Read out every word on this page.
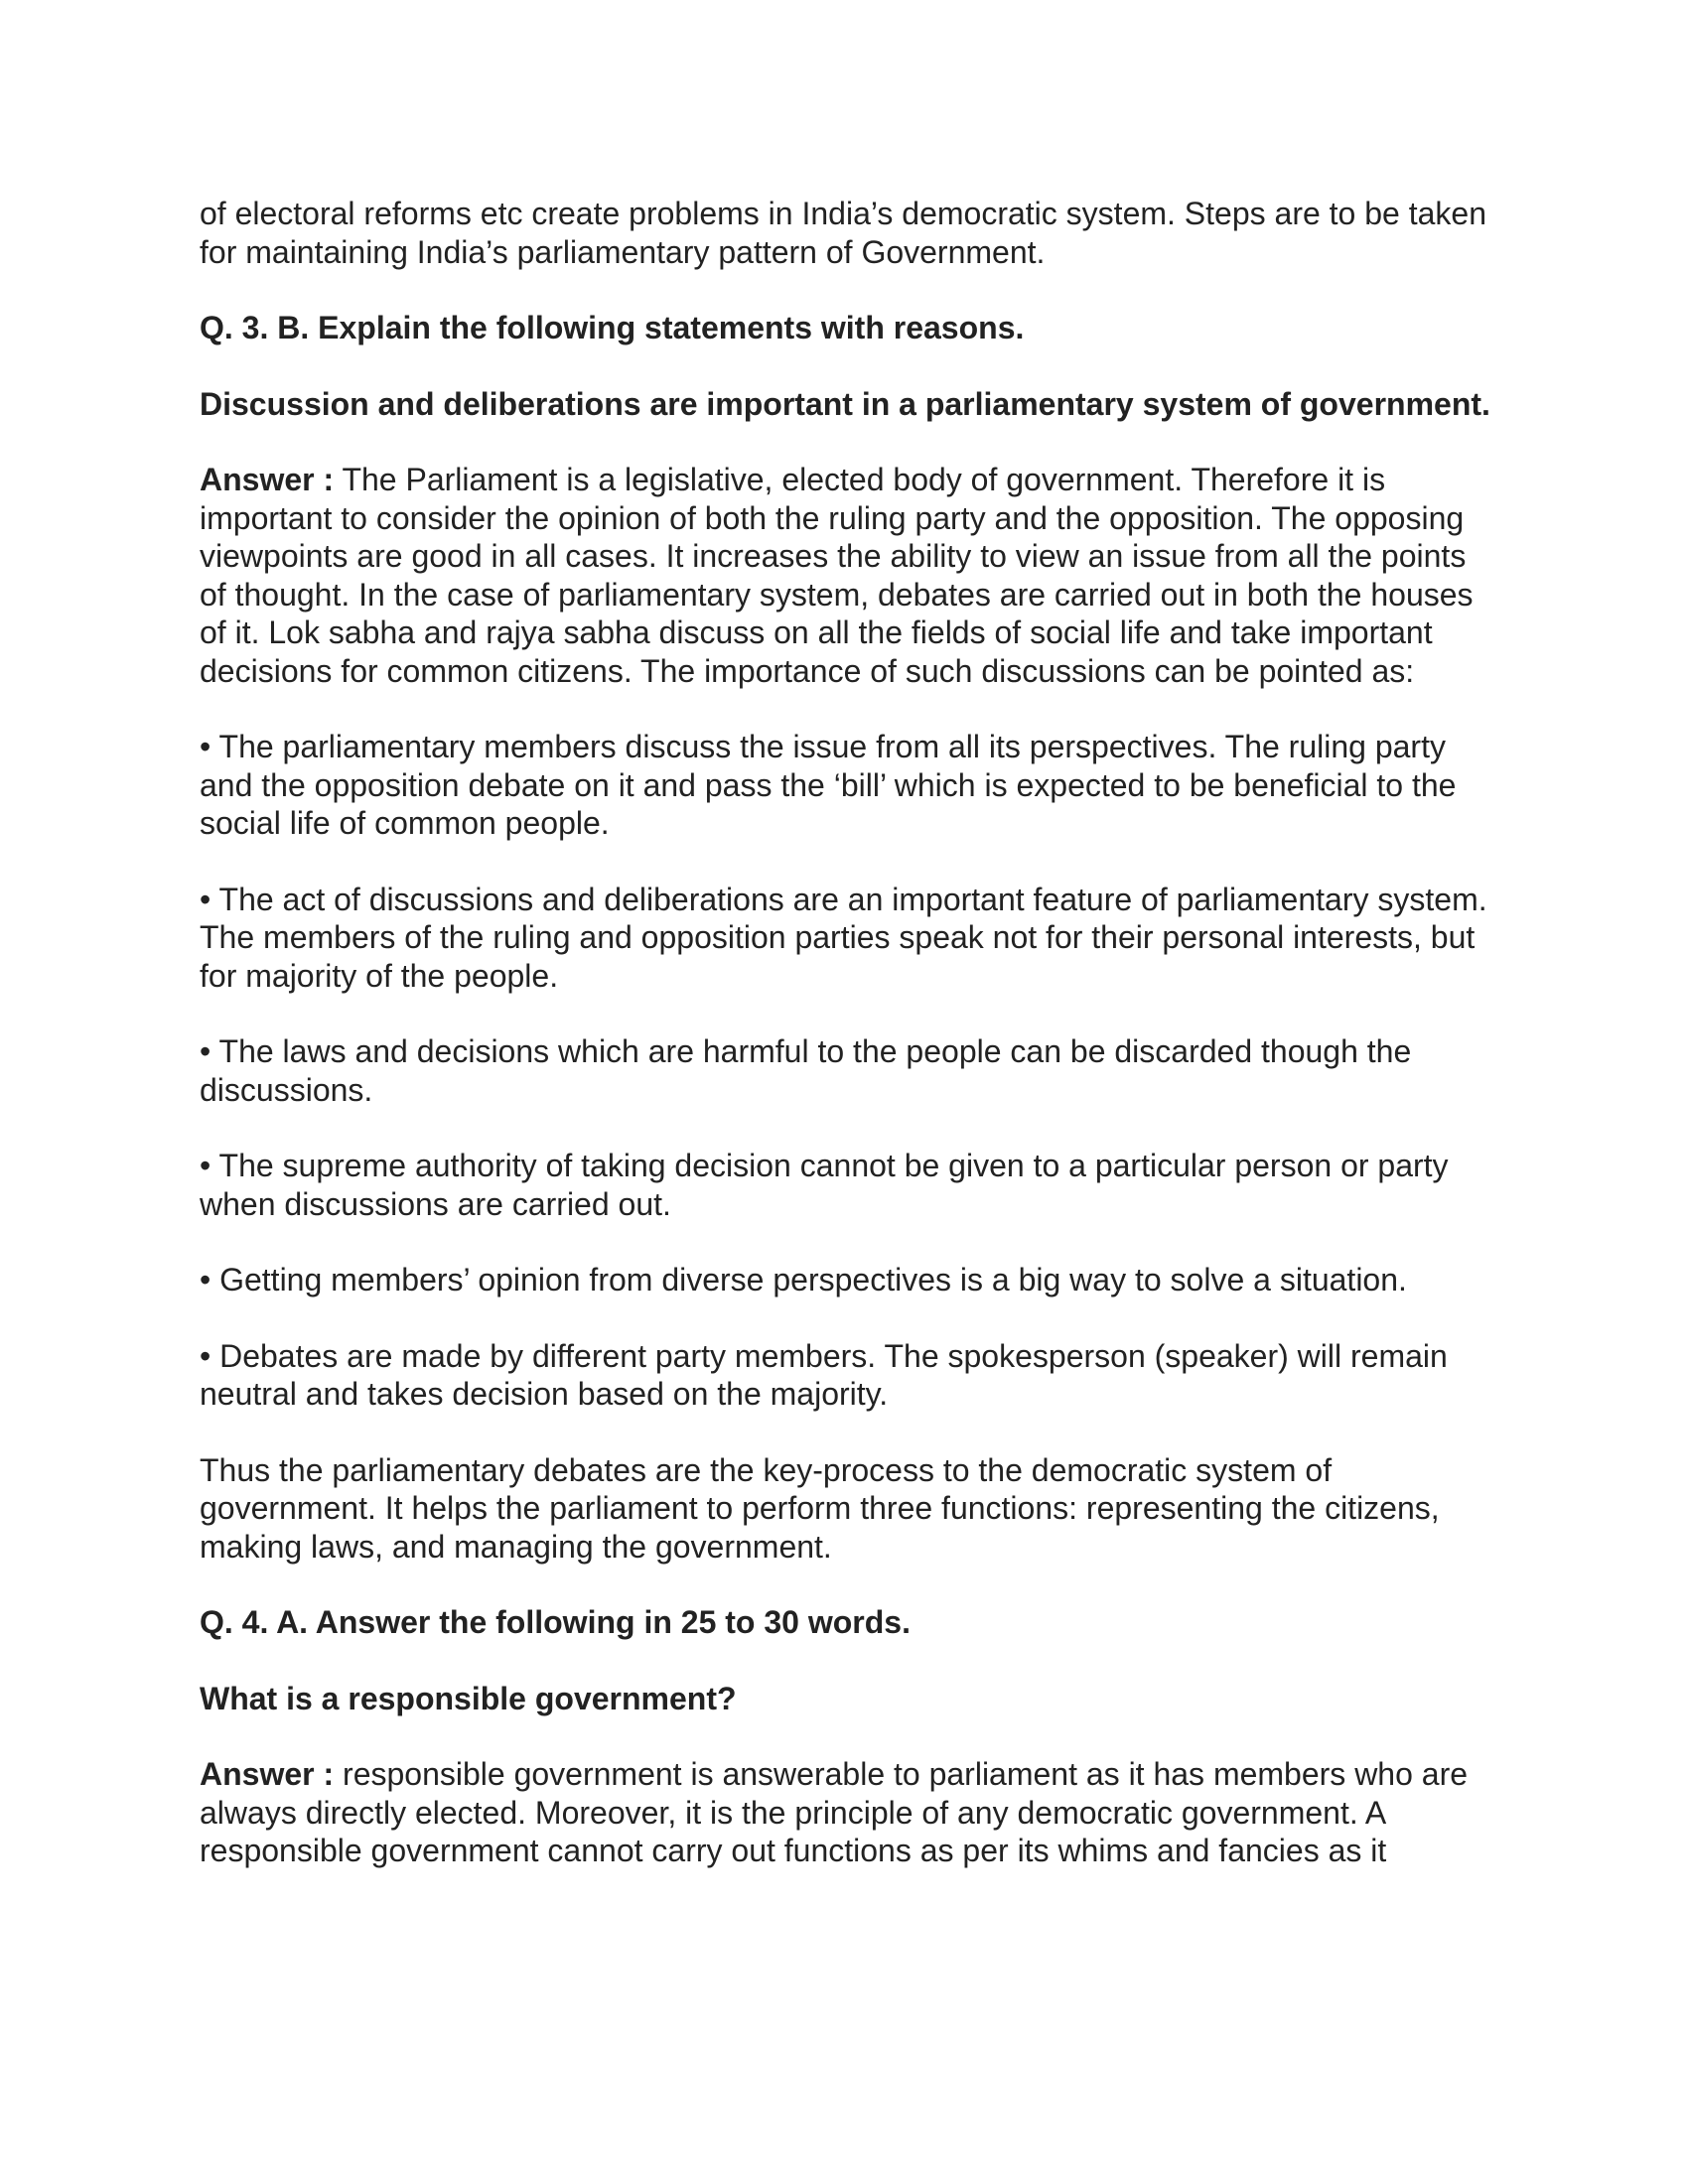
of electoral reforms etc create problems in India’s democratic system. Steps are to be taken for maintaining India’s parliamentary pattern of Government.

Q. 3. B. Explain the following statements with reasons.

Discussion and deliberations are important in a parliamentary system of government.

Answer : The Parliament is a legislative, elected body of government. Therefore it is important to consider the opinion of both the ruling party and the opposition. The opposing viewpoints are good in all cases. It increases the ability to view an issue from all the points of thought. In the case of parliamentary system, debates are carried out in both the houses of it. Lok sabha and rajya sabha discuss on all the fields of social life and take important decisions for common citizens. The importance of such discussions can be pointed as:

• The parliamentary members discuss the issue from all its perspectives. The ruling party and the opposition debate on it and pass the ‘bill’ which is expected to be beneficial to the social life of common people.

• The act of discussions and deliberations are an important feature of parliamentary system. The members of the ruling and opposition parties speak not for their personal interests, but for majority of the people.

• The laws and decisions which are harmful to the people can be discarded though the discussions.

• The supreme authority of taking decision cannot be given to a particular person or party when discussions are carried out.

• Getting members’ opinion from diverse perspectives is a big way to solve a situation.

• Debates are made by different party members. The spokesperson (speaker) will remain neutral and takes decision based on the majority.

Thus the parliamentary debates are the key-process to the democratic system of government. It helps the parliament to perform three functions: representing the citizens, making laws, and managing the government.

Q. 4. A. Answer the following in 25 to 30 words.

What is a responsible government?

Answer : responsible government is answerable to parliament as it has members who are always directly elected. Moreover, it is the principle of any democratic government. A responsible government cannot carry out functions as per its whims and fancies as it
